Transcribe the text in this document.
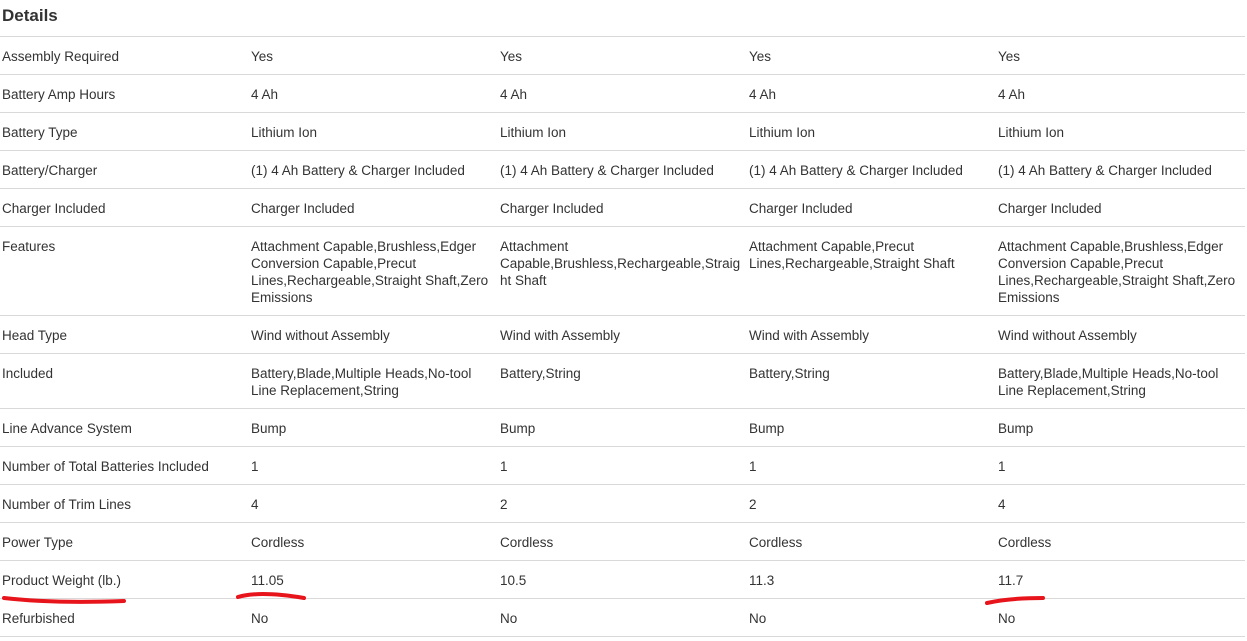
Details
Assembly Required	Yes	Yes	Yes	Yes
Battery Amp Hours	4 Ah	4 Ah	4 Ah	4 Ah
Battery Type	Lithium Ion	Lithium Ion	Lithium Ion	Lithium Ion
Battery/Charger	(1) 4 Ah Battery & Charger Included	(1) 4 Ah Battery & Charger Included	(1) 4 Ah Battery & Charger Included	(1) 4 Ah Battery & Charger Included
Charger Included	Charger Included	Charger Included	Charger Included	Charger Included
Features	Attachment Capable,Brushless,Edger Conversion Capable,Precut Lines,Rechargeable,Straight Shaft,Zero Emissions	Attachment Capable,Brushless,Rechargeable,Straight Shaft	Attachment Capable,Precut Lines,Rechargeable,Straight Shaft	Attachment Capable,Brushless,Edger Conversion Capable,Precut Lines,Rechargeable,Straight Shaft,Zero Emissions
Head Type	Wind without Assembly	Wind with Assembly	Wind with Assembly	Wind without Assembly
Included	Battery,Blade,Multiple Heads,No-tool Line Replacement,String	Battery,String	Battery,String	Battery,Blade,Multiple Heads,No-tool Line Replacement,String
Line Advance System	Bump	Bump	Bump	Bump
Number of Total Batteries Included	1	1	1	1
Number of Trim Lines	4	2	2	4
Power Type	Cordless	Cordless	Cordless	Cordless
Product Weight (lb.)	11.05	10.5	11.3	11.7
Refurbished	No	No	No	No
